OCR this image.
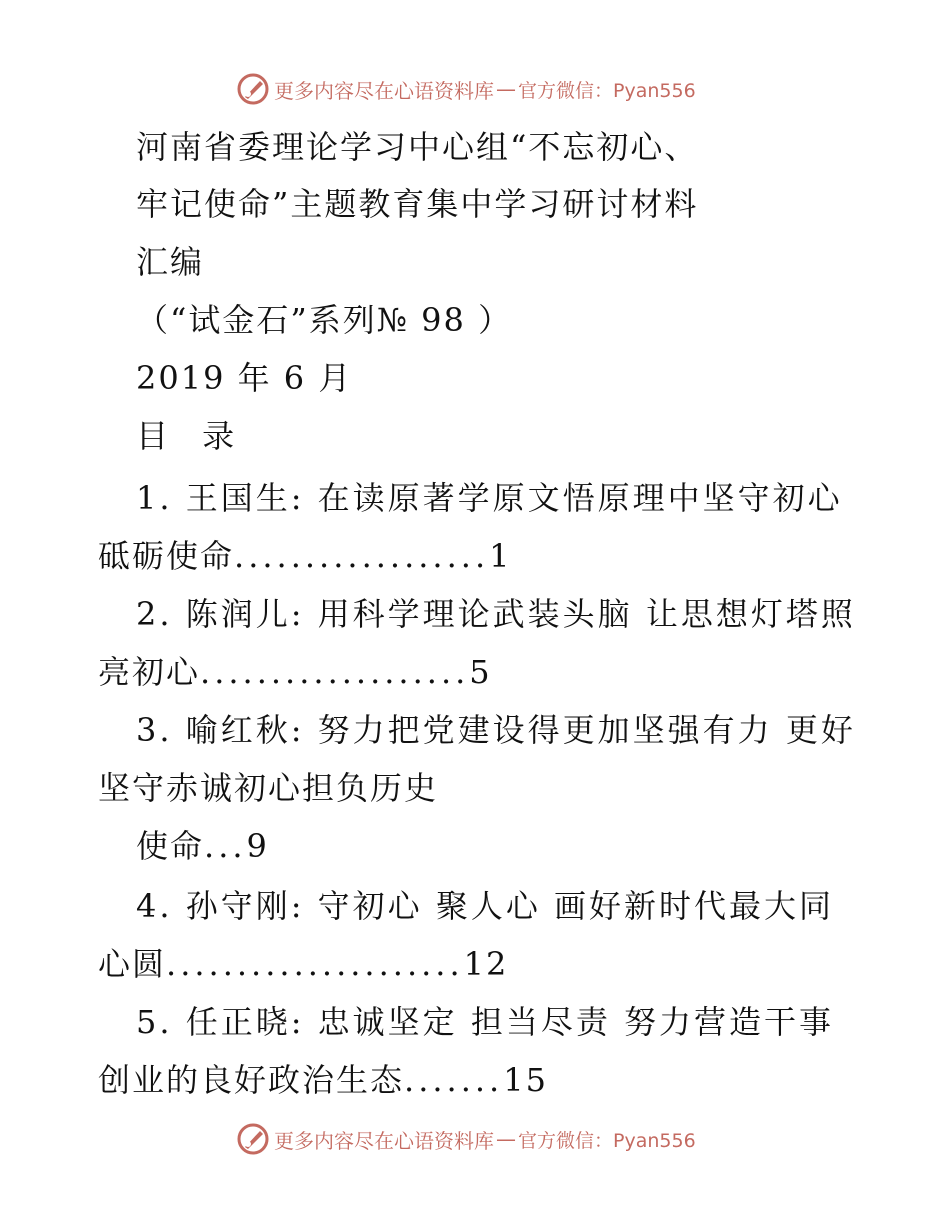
更多内容尽在心语资料库 — 官方微信：Pyan556
河南省委理论学习中心组“不忘初心、
牢记使命”主题教育集中学习研讨材料
汇编
（“试金石”系列№ 98 ）
2019 年 6 月
目 录
1. 王国生: 在读原著学原文悟原理中坚守初心
砥砺使命..................1
2. 陈润儿: 用科学理论武装头脑 让思想灯塔照
亮初心...................5
3. 喻红秋: 努力把党建设得更加坚强有力 更好
坚守赤诚初心担负历史
使命...9
4. 孙守刚: 守初心 聚人心 画好新时代最大同
心圆.....................12
5. 任正晓: 忠诚坚定 担当尽责 努力营造干事
创业的良好政治生态.......15
更多内容尽在心语资料库 — 官方微信：Pyan556
